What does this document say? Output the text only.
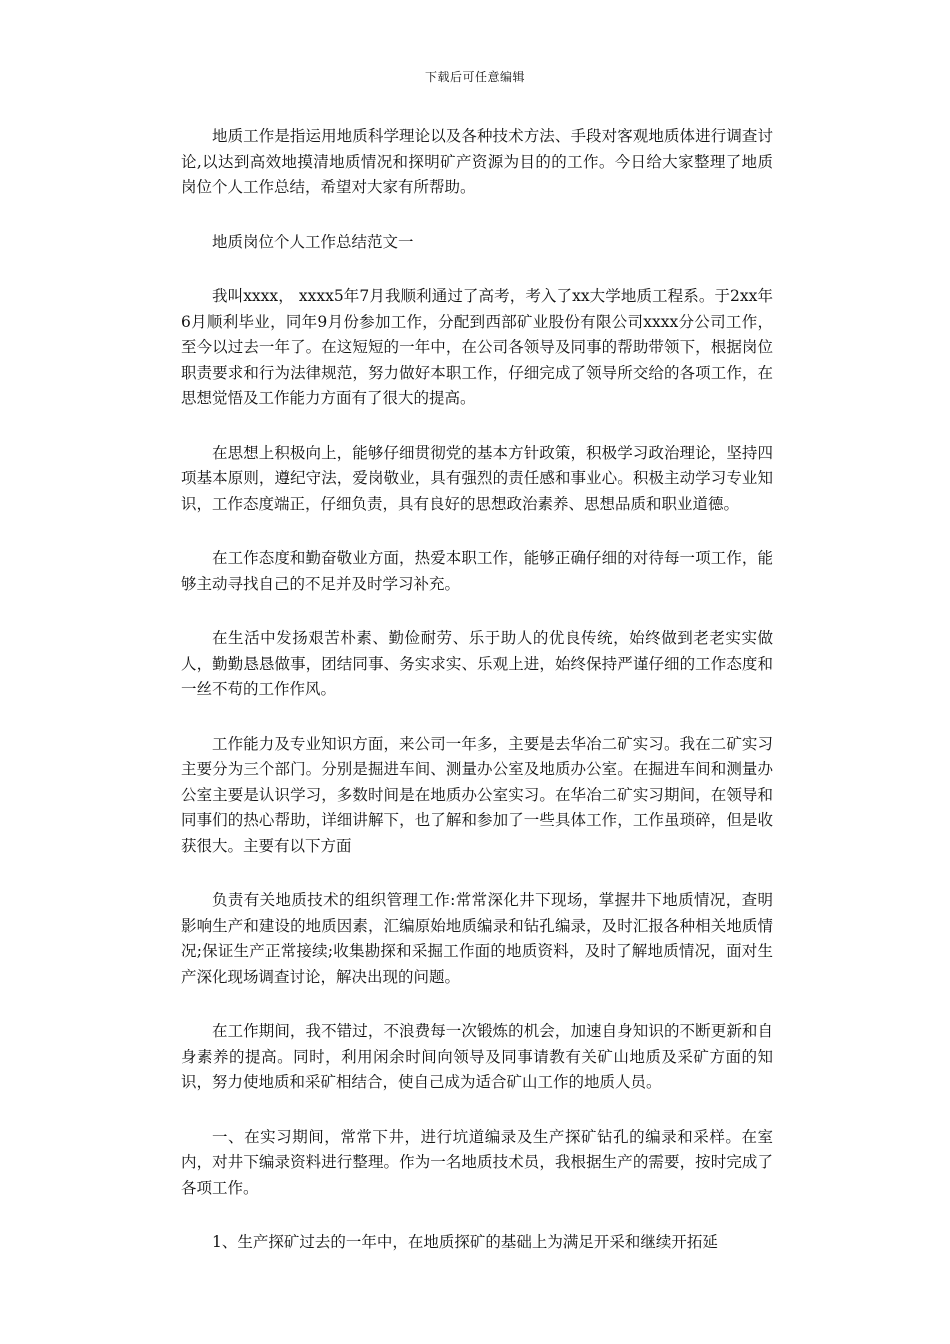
下载后可任意编辑

地质工作是指运用地质科学理论以及各种技术方法、手段对客观地质体进行调查讨论,以达到高效地摸清地质情况和探明矿产资源为目的的工作。今日给大家整理了地质岗位个人工作总结，希望对大家有所帮助。

地质岗位个人工作总结范文一

我叫xxxx， xxxx5年7月我顺利通过了高考，考入了xx大学地质工程系。于2xx年6月顺利毕业，同年9月份参加工作，分配到西部矿业股份有限公司xxxx分公司工作，至今以过去一年了。在这短短的一年中，在公司各领导及同事的帮助带领下，根据岗位职责要求和行为法律规范，努力做好本职工作，仔细完成了领导所交给的各项工作，在思想觉悟及工作能力方面有了很大的提高。

在思想上积极向上，能够仔细贯彻党的基本方针政策，积极学习政治理论，坚持四项基本原则，遵纪守法，爱岗敬业，具有强烈的责任感和事业心。积极主动学习专业知识，工作态度端正，仔细负责，具有良好的思想政治素养、思想品质和职业道德。

在工作态度和勤奋敬业方面，热爱本职工作，能够正确仔细的对待每一项工作，能够主动寻找自己的不足并及时学习补充。

在生活中发扬艰苦朴素、勤俭耐劳、乐于助人的优良传统，始终做到老老实实做人，勤勤恳恳做事，团结同事、务实求实、乐观上进，始终保持严谨仔细的工作态度和一丝不苟的工作作风。

工作能力及专业知识方面，来公司一年多，主要是去华冶二矿实习。我在二矿实习主要分为三个部门。分别是掘进车间、测量办公室及地质办公室。在掘进车间和测量办公室主要是认识学习，多数时间是在地质办公室实习。在华冶二矿实习期间，在领导和同事们的热心帮助，详细讲解下，也了解和参加了一些具体工作，工作虽琐碎，但是收获很大。主要有以下方面

负责有关地质技术的组织管理工作:常常深化井下现场，掌握井下地质情况，查明影响生产和建设的地质因素，汇编原始地质编录和钻孔编录，及时汇报各种相关地质情况;保证生产正常接续;收集勘探和采掘工作面的地质资料，及时了解地质情况，面对生产深化现场调查讨论，解决出现的问题。

在工作期间，我不错过，不浪费每一次锻炼的机会，加速自身知识的不断更新和自身素养的提高。同时，利用闲余时间向领导及同事请教有关矿山地质及采矿方面的知识，努力使地质和采矿相结合，使自己成为适合矿山工作的地质人员。

一、在实习期间，常常下井，进行坑道编录及生产探矿钻孔的编录和采样。在室内，对井下编录资料进行整理。作为一名地质技术员，我根据生产的需要，按时完成了各项工作。

1、生产探矿过去的一年中，在地质探矿的基础上为满足开采和继续开拓延
